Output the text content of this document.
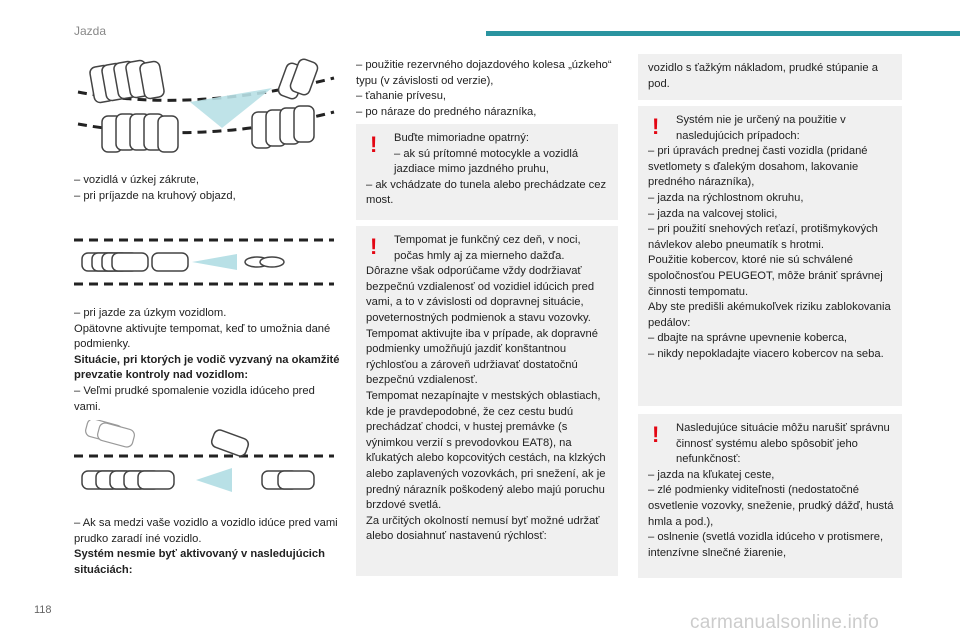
Jazda

– vozidlá v úzkej zákrute,

– pri príjazde na kruhový objazd,

– pri jazde za úzkym vozidlom.

Opätovne aktivujte tempomat, keď to umožnia dané podmienky.

Situácie, pri ktorých je vodič vyzvaný na okamžité prevzatie kontroly nad vozidlom:

– Veľmi prudké spomalenie vozidla idúceho pred vami.

– Ak sa medzi vaše vozidlo a vozidlo idúce pred vami prudko zaradí iné vozidlo.

Systém nesmie byť aktivovaný v nasledujúcich situáciách:

– použitie rezervného dojazdového kolesa „úzkeho“ typu (v závislosti od verzie),

– ťahanie prívesu,

– po náraze do predného nárazníka,

! Buďte mimoriadne opatrný:

– ak sú prítomné motocykle a vozidlá jazdiace mimo jazdného pruhu,

– ak vchádzate do tunela alebo prechádzate cez most.

! Tempomat je funkčný cez deň, v noci, počas hmly aj za mierneho dažďa.

Dôrazne však odporúčame vždy dodržiavať bezpečnú vzdialenosť od vozidiel idúcich pred vami, a to v závislosti od dopravnej situácie, poveternostných podmienok a stavu vozovky.

Tempomat aktivujte iba v prípade, ak dopravné podmienky umožňujú jazdiť konštantnou rýchlosťou a zároveň udržiavať dostatočnú bezpečnú vzdialenosť.

Tempomat nezapínajte v mestských oblastiach, kde je pravdepodobné, že cez cestu budú prechádzať chodci, v hustej premávke (s výnimkou verzií s prevodovkou EAT8), na kľukatých alebo kopcovitých cestách, na klzkých alebo zaplavených vozovkách, pri snežení, ak je predný nárazník poškodený alebo majú poruchu brzdové svetlá.

Za určitých okolností nemusí byť možné udržať alebo dosiahnuť nastavenú rýchlosť:

vozidlo s ťažkým nákladom, prudké stúpanie a pod.

! Systém nie je určený na použitie v nasledujúcich prípadoch:

– pri úpravách prednej časti vozidla (pridané svetlomety s ďalekým dosahom, lakovanie predného nárazníka),

– jazda na rýchlostnom okruhu,

– jazda na valcovej stolici,

– pri použití snehových reťazí, protišmykových návlekov alebo pneumatík s hrotmi.

Použitie kobercov, ktoré nie sú schválené spoločnosťou PEUGEOT, môže brániť správnej činnosti tempomatu.

Aby ste predišli akémukoľvek riziku zablokovania pedálov:

– dbajte na správne upevnenie koberca,

– nikdy nepokladajte viacero kobercov na seba.

! Nasledujúce situácie môžu narušiť správnu činnosť systému alebo spôsobiť jeho nefunkčnosť:

– jazda na kľukatej ceste,

– zlé podmienky viditeľnosti (nedostatočné osvetlenie vozovky, sneženie, prudký dážď, hustá hmla a pod.),

– oslnenie (svetlá vozidla idúceho v protismere, intenzívne slnečné žiarenie,

118
carmanualsonline.info
